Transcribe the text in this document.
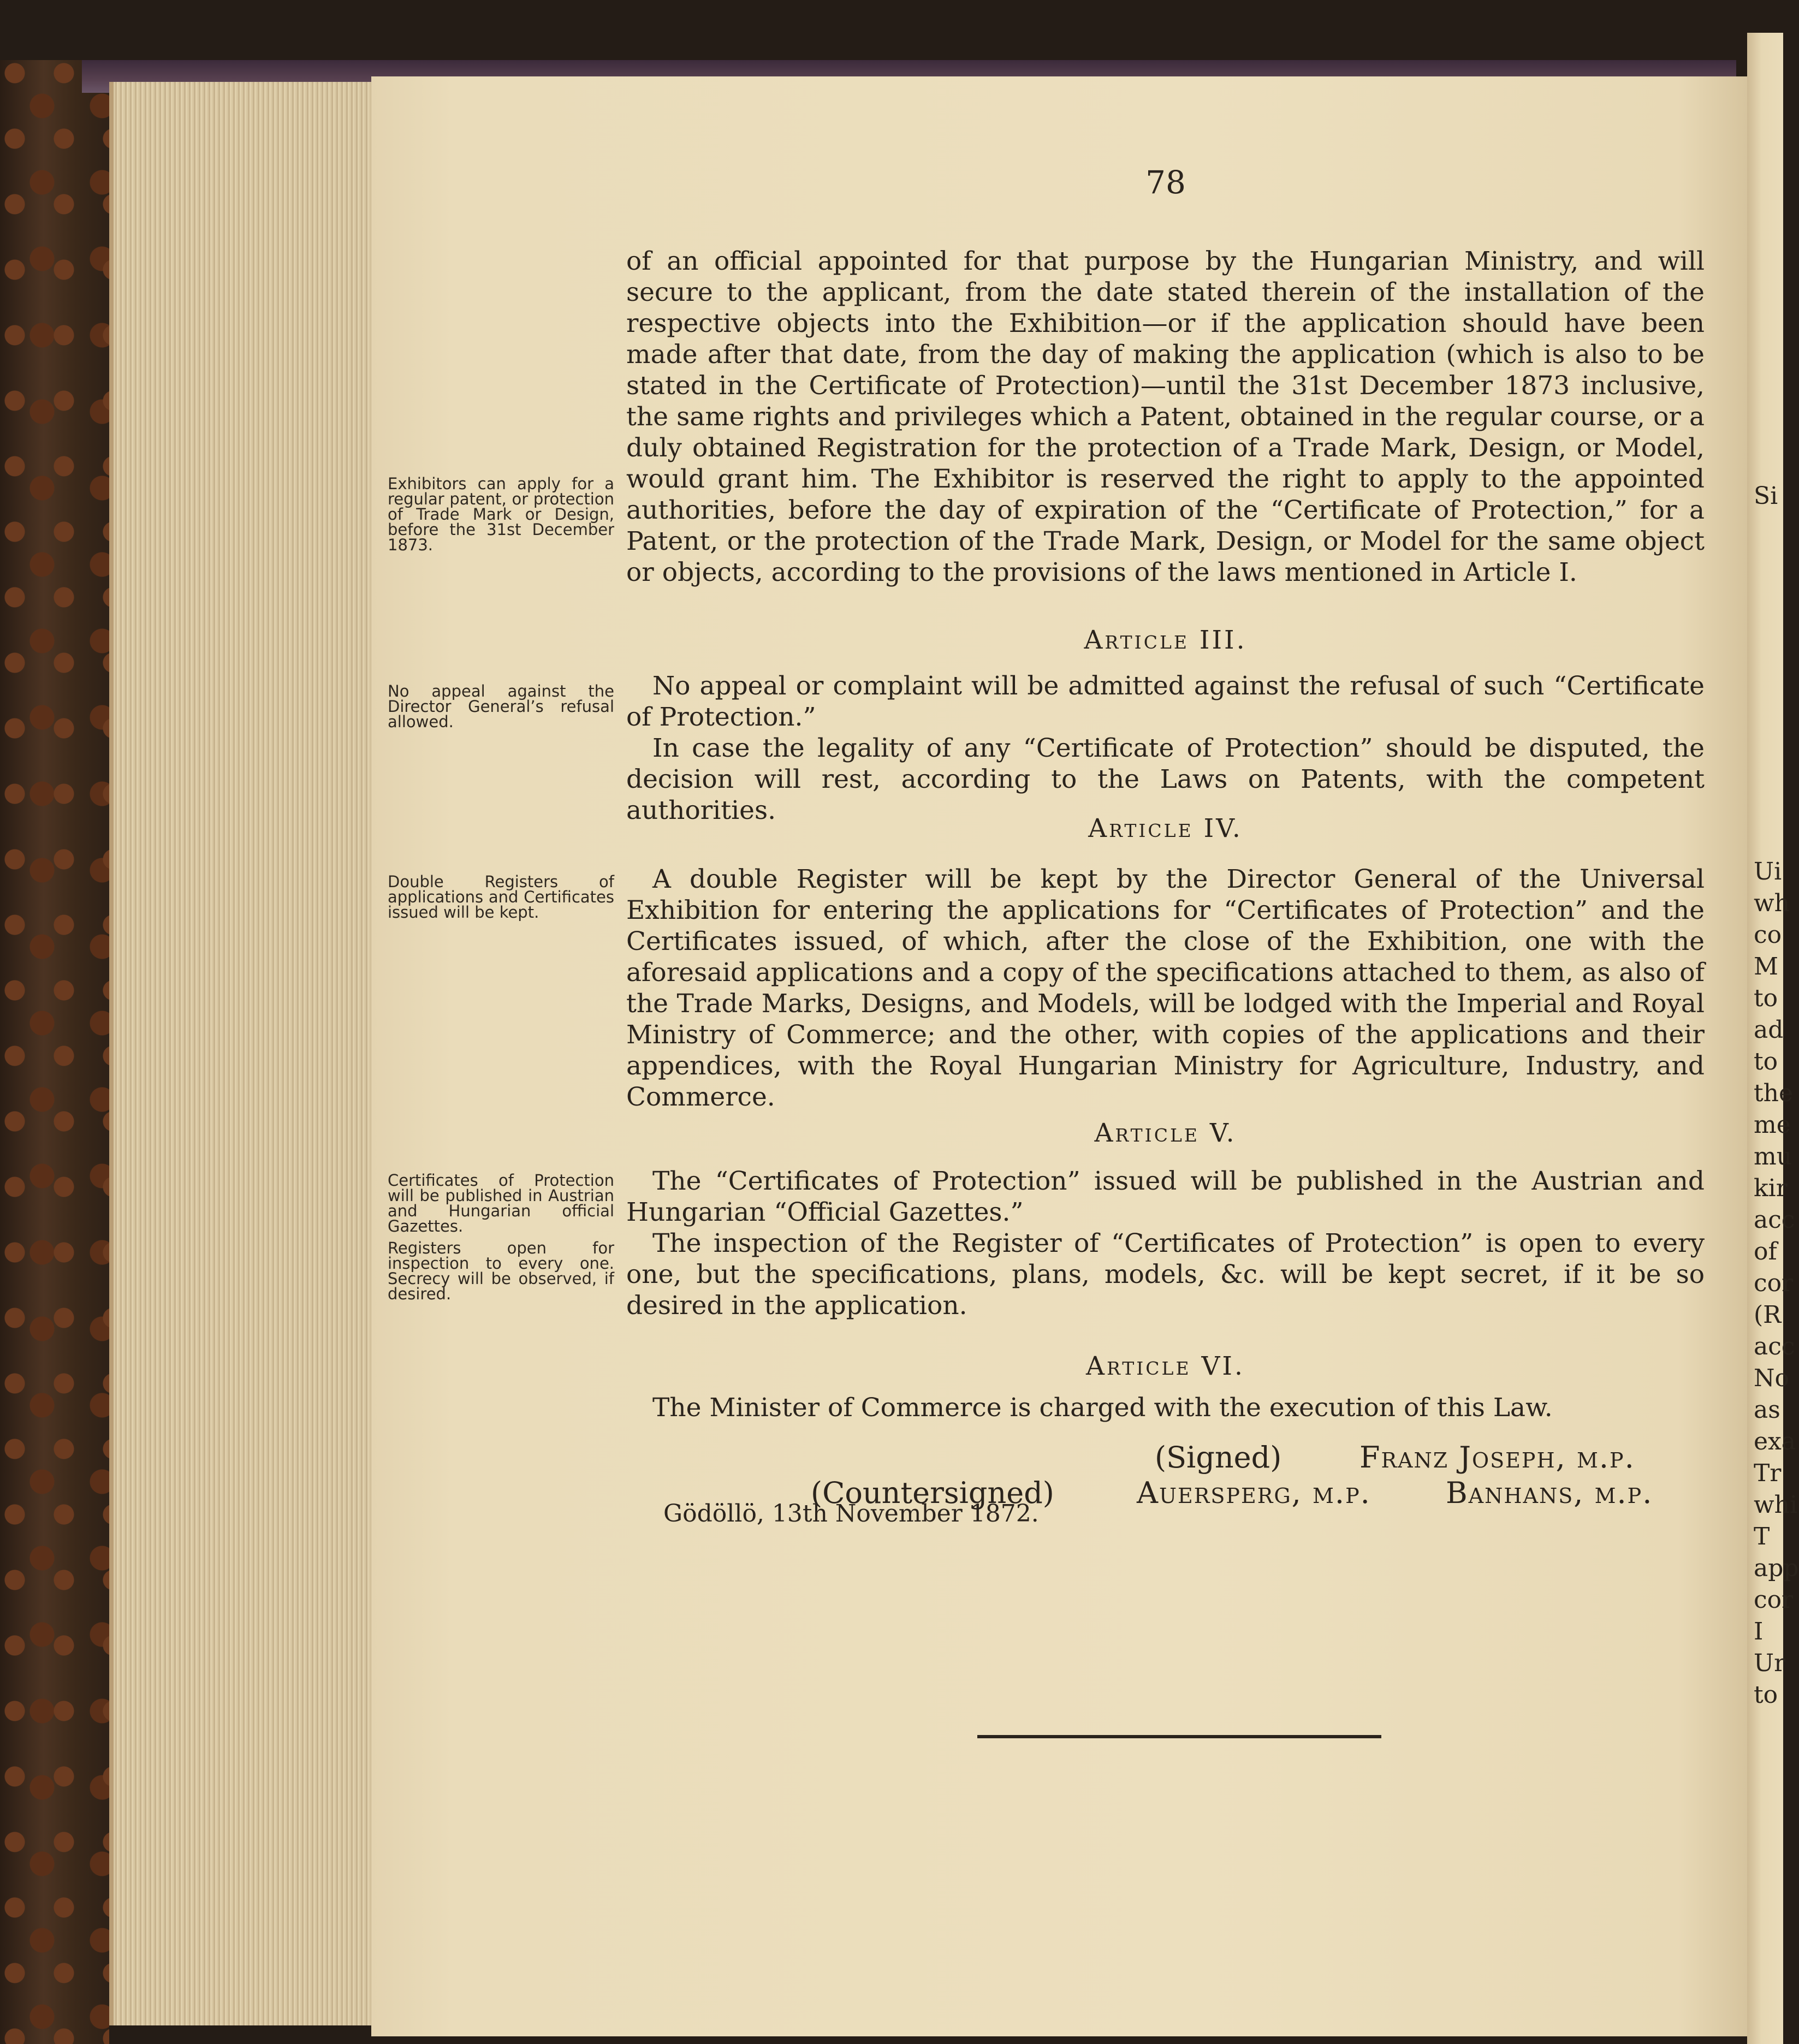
78

of an official appointed for that purpose by the Hungarian Ministry, and will secure to the applicant, from the date stated therein of the installation of the respective objects into the Exhibition—or if the application should have been made after that date, from the day of making the application (which is also to be stated in the Certificate of Protection)—until the 31st December 1873 inclusive, the same rights and privileges which a Patent, obtained in the regular course, or a duly obtained Registration for the protection of a Trade Mark, Design, or Model, would grant him. The Exhibitor is reserved the right to apply to the appointed authorities, before the day of expiration of the “Certificate of Protection,” for a Patent, or the protection of the Trade Mark, Design, or Model for the same object or objects, according to the provisions of the laws mentioned in Article I.

Exhibitors can apply for a regular patent, or protection of Trade Mark or Design, before the 31st December 1873.

Article III.

No appeal against the Director General’s refusal allowed.

No appeal or complaint will be admitted against the refusal of such “Certificate of Protection.”

In case the legality of any “Certificate of Protection” should be disputed, the decision will rest, according to the Laws on Patents, with the competent authorities.

Article IV.

Double Registers of applications and Certificates issued will be kept.

A double Register will be kept by the Director General of the Universal Exhibition for entering the applications for “Certificates of Protection” and the Certificates issued, of which, after the close of the Exhibition, one with the aforesaid applications and a copy of the specifications attached to them, as also of the Trade Marks, Designs, and Models, will be lodged with the Imperial and Royal Ministry of Commerce; and the other, with copies of the applications and their appendices, with the Royal Hungarian Ministry for Agriculture, Industry, and Commerce.

Article V.

Certificates of Protection will be published in Austrian and Hungarian official Gazettes.

Registers open for inspection to every one. Secrecy will be observed, if desired.

The “Certificates of Protection” issued will be published in the Austrian and Hungarian “Official Gazettes.”

The inspection of the Register of “Certificates of Protection” is open to every one, but the specifications, plans, models, &c. will be kept secret, if it be so desired in the application.

Article VI.

The Minister of Commerce is charged with the execution of this Law.

(Signed)	Franz Joseph, m.p.
(Countersigned)	Auersperg, m.p.	Banhans, m.p.
Gödöllö, 13th November 1872.

Si

Ui

wh

co

M

to

ad

to

the

me

mu

kir

acc

of

cor

(R

acc

No

as

exa

Tr

whi

T

app

cor

I

Ur

to
